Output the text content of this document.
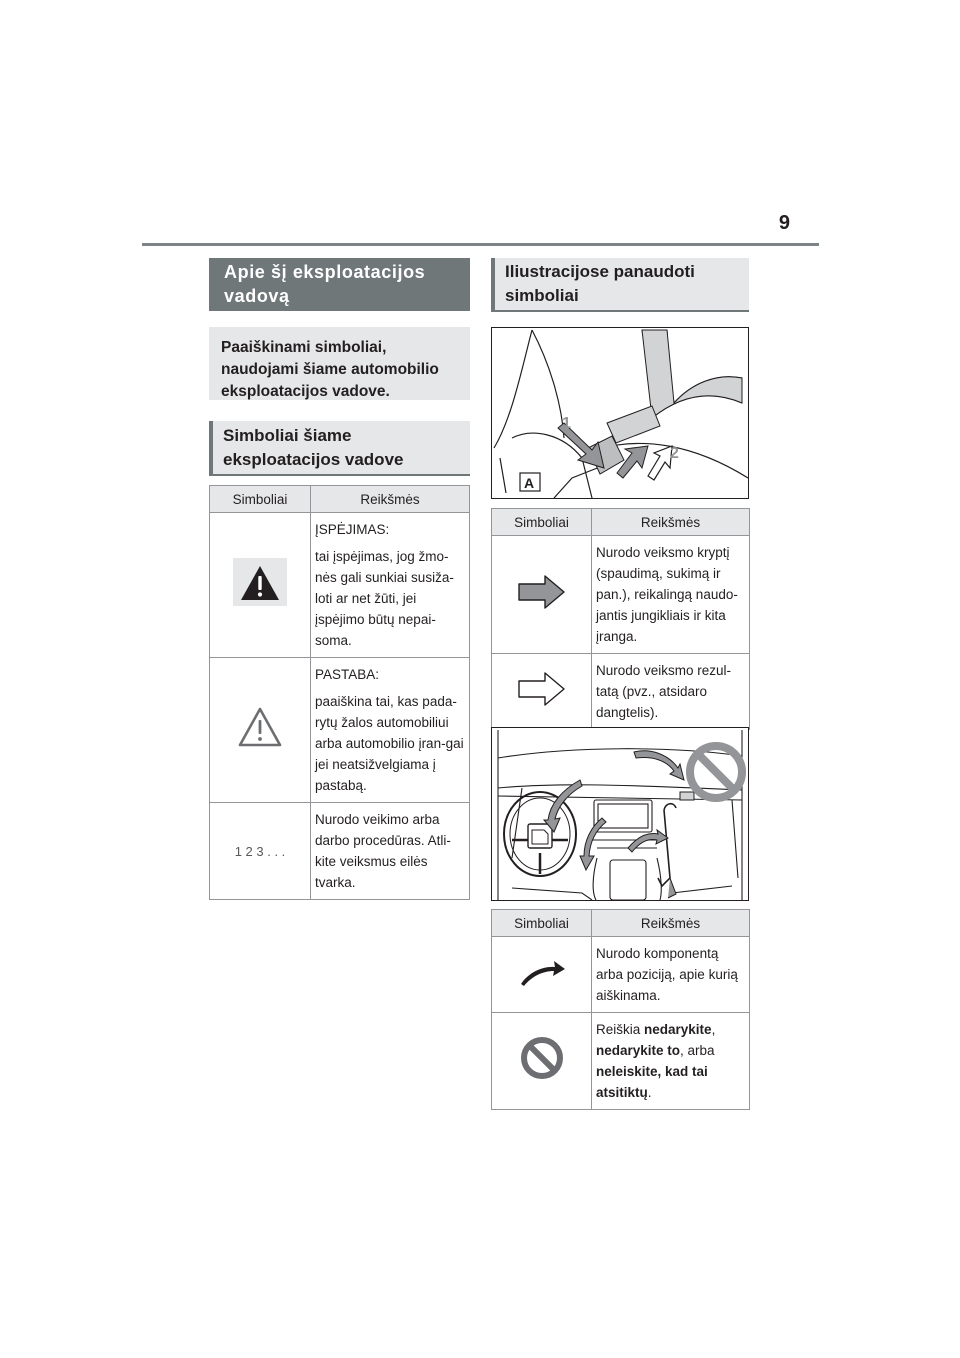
9
Apie šį eksploatacijos vadovą
Paaiškinami simboliai, naudojami šiame automobilio eksploatacijos vadove.
Simboliai šiame eksploatacijos vadove
Simboliai	Reikšmės

ĮSPĖJIMAS:
tai įspėjimas, jog žmo-nės gali sunkiai susiža-loti ar net žūti, jei įspėjimo būtų nepai-soma.

PASTABA:
paaiškina tai, kas pada-rytų žalos automobiliui arba automobilio įran-gai jei neatsižvelgiama į pastabą.

1 2 3 . . .	Nurodo veikimo arba darbo procedūras. Atli-kite veiksmus eilės tvarka.
Iliustracijose panaudoti simboliai
1
2
A
Simboliai	Reikšmės

Nurodo veiksmo kryptį (spaudimą, sukimą ir pan.), reikalingą naudo-jantis jungikliais ir kita įranga.

Nurodo veiksmo rezul-tatą (pvz., atsidaro dangtelis).
Simboliai	Reikšmės

Nurodo komponentą arba poziciją, apie kurią aiškinama.

Reiškia nedarykite, nedarykite to, arba neleiskite, kad tai atsitiktų.
